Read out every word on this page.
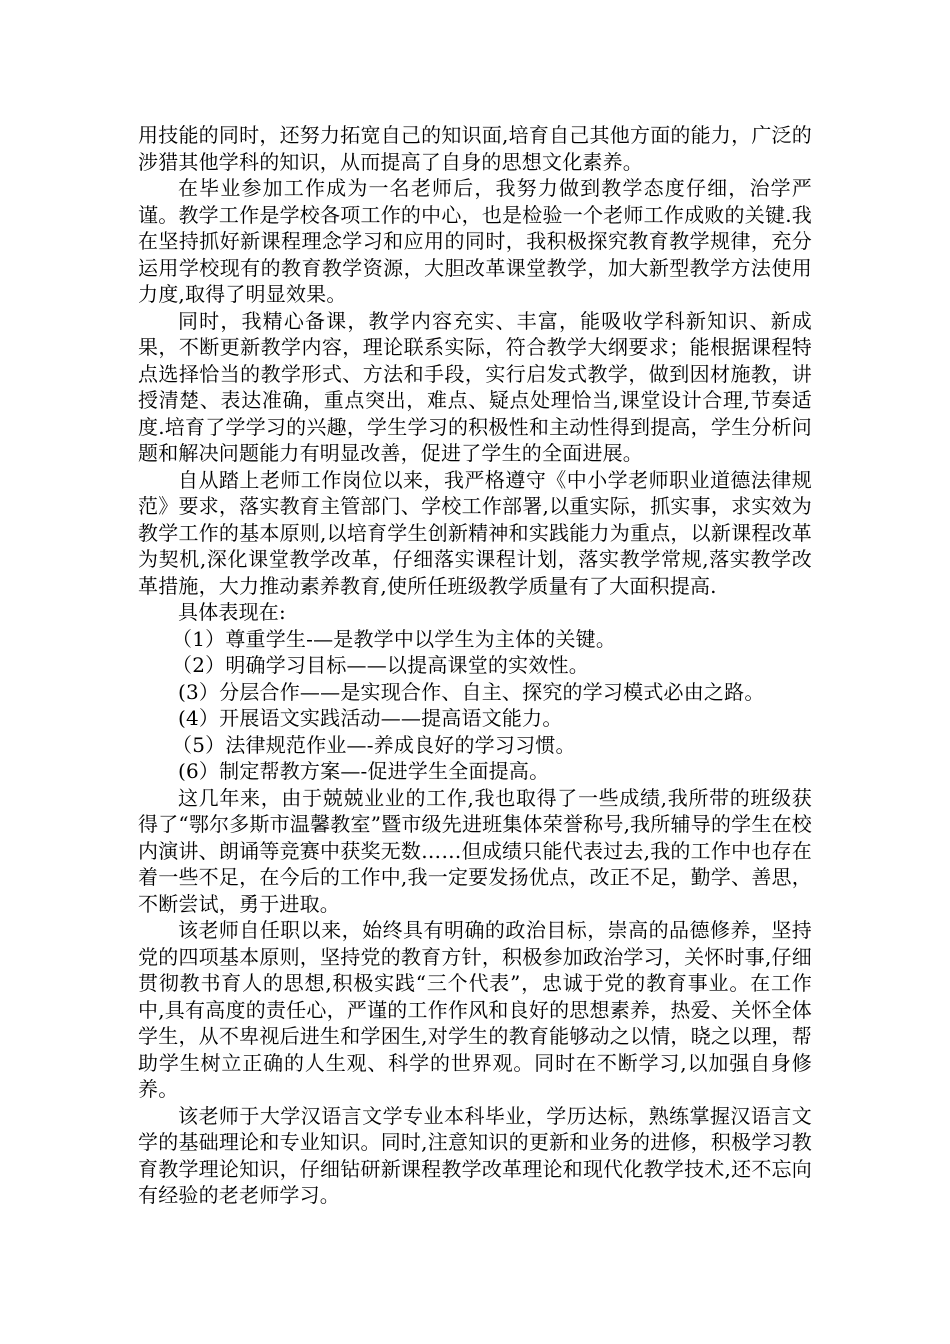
用技能的同时，还努力拓宽自己的知识面,培育自己其他方面的能力，广泛的涉猎其他学科的知识，从而提高了自身的思想文化素养。

在毕业参加工作成为一名老师后，我努力做到教学态度仔细，治学严谨。教学工作是学校各项工作的中心，也是检验一个老师工作成败的关键.我在坚持抓好新课程理念学习和应用的同时，我积极探究教育教学规律，充分运用学校现有的教育教学资源，大胆改革课堂教学，加大新型教学方法使用力度,取得了明显效果。

同时，我精心备课，教学内容充实、丰富，能吸收学科新知识、新成果，不断更新教学内容，理论联系实际，符合教学大纲要求；能根据课程特点选择恰当的教学形式、方法和手段，实行启发式教学，做到因材施教，讲授清楚、表达准确，重点突出，难点、疑点处理恰当,课堂设计合理,节奏适度.培育了学学习的兴趣，学生学习的积极性和主动性得到提高，学生分析问题和解决问题能力有明显改善，促进了学生的全面进展。

自从踏上老师工作岗位以来，我严格遵守《中小学老师职业道德法律规范》要求，落实教育主管部门、学校工作部署,以重实际，抓实事，求实效为教学工作的基本原则,以培育学生创新精神和实践能力为重点，以新课程改革为契机,深化课堂教学改革，仔细落实课程计划，落实教学常规,落实教学改革措施，大力推动素养教育,使所任班级教学质量有了大面积提高.

具体表现在:

（1）尊重学生-—是教学中以学生为主体的关键。

（2）明确学习目标——以提高课堂的实效性。

(3）分层合作——是实现合作、自主、探究的学习模式必由之路。

(4）开展语文实践活动——提高语文能力。

（5）法律规范作业—-养成良好的学习习惯。

(6）制定帮教方案—-促进学生全面提高。

这几年来，由于兢兢业业的工作,我也取得了一些成绩,我所带的班级获得了“鄂尔多斯市温馨教室”暨市级先进班集体荣誉称号,我所辅导的学生在校内演讲、朗诵等竞赛中获奖无数……但成绩只能代表过去,我的工作中也存在着一些不足，在今后的工作中,我一定要发扬优点，改正不足，勤学、善思，不断尝试，勇于进取。

该老师自任职以来，始终具有明确的政治目标，崇高的品德修养，坚持党的四项基本原则，坚持党的教育方针，积极参加政治学习，关怀时事,仔细贯彻教书育人的思想,积极实践“三个代表”，忠诚于党的教育事业。在工作中,具有高度的责任心，严谨的工作作风和良好的思想素养，热爱、关怀全体学生，从不卑视后进生和学困生,对学生的教育能够动之以情，晓之以理，帮助学生树立正确的人生观、科学的世界观。同时在不断学习,以加强自身修养。

该老师于大学汉语言文学专业本科毕业，学历达标，熟练掌握汉语言文学的基础理论和专业知识。同时,注意知识的更新和业务的进修，积极学习教育教学理论知识，仔细钻研新课程教学改革理论和现代化教学技术,还不忘向有经验的老老师学习。
